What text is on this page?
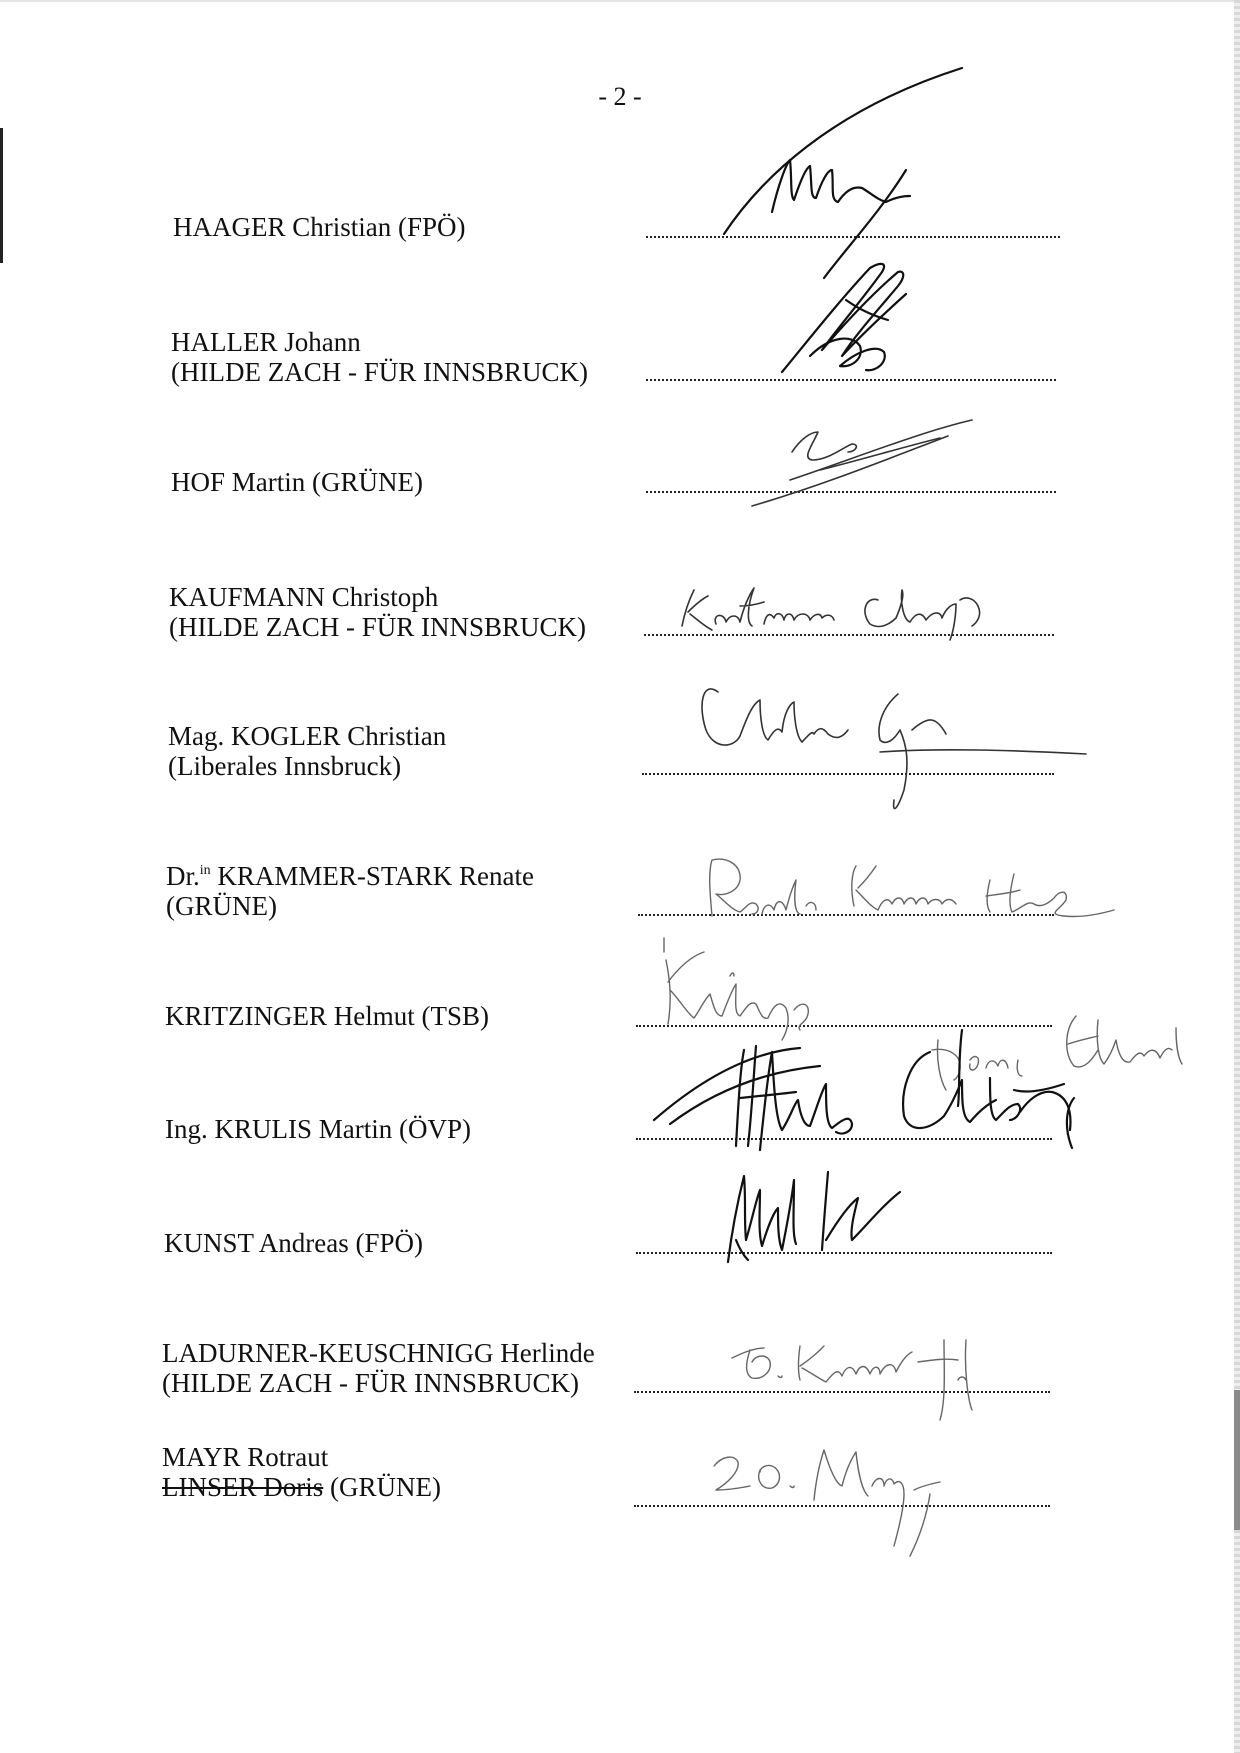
- 2 -
HAAGER Christian (FPÖ)
HALLER Johann
(HILDE ZACH - FÜR INNSBRUCK)
HOF Martin (GRÜNE)
KAUFMANN Christoph
(HILDE ZACH - FÜR INNSBRUCK)
Mag. KOGLER Christian
(Liberales Innsbruck)
Dr.$^{in}$ KRAMMER-STARK Renate
(GRÜNE)
KRITZINGER Helmut (TSB)
Ing. KRULIS Martin (ÖVP)
KUNST Andreas (FPÖ)
LADURNER-KEUSCHNIGG Herlinde
(HILDE ZACH - FÜR INNSBRUCK)
MAYR Rotraut
LINSER Doris (GRÜNE)
